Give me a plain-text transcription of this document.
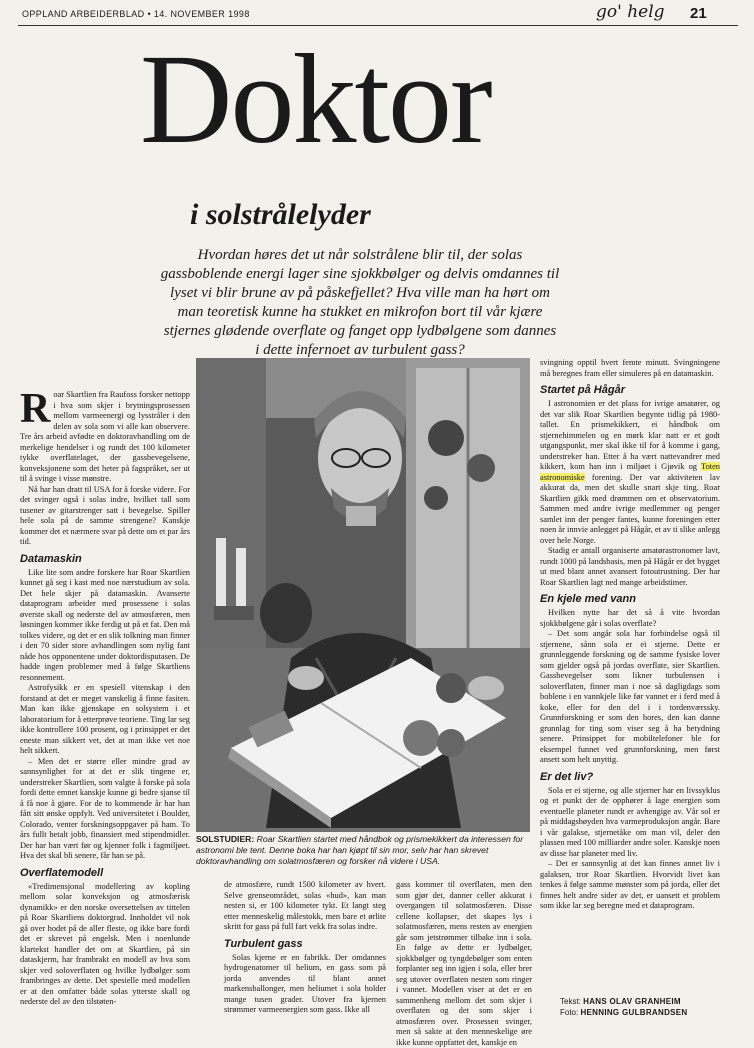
OPPLAND ARBEIDERBLAD • 14. NOVEMBER 1998	go' helg 21
Doktor
i solstrålelyder
Hvordan høres det ut når solstrålene blir til, der solas gassboblende energi lager sine sjokkbølger og delvis omdannes til lyset vi blir brune av på påskefjellet? Hva ville man ha hørt om man teoretisk kunne ha stukket en mikrofon bort til vår kjære stjernes glødende overflate og fanget opp lydbølgene som dannes i dette infernoet av turbulent gass?
SOLSTUDIER: Roar Skartlien startet med håndbok og prismekikkert da interessen for astronomi ble tent. Denne boka har han kjøpt til sin mor, selv har han skrevet doktoravhandling om solatmosfæren og forsker nå videre i USA.

Roar Skartlien fra Raufoss forsker nettopp i hva som skjer i brytningsprosessen mellom varmeenergi og lysstråler i den delen av sola som vi alle kan observere. Tre års arbeid avfødte en doktoravhandling om de merkelige hendelser i og rundt det 100 kilometer tykke overflatelaget, der gassbevegelsene, konveksjonene som det heter på fagspråket, ser ut til å svinge i visse mønstre.

Nå har han dratt til USA for å forske videre. For det svinger også i solas indre, hvilket tall som tusener av gitarstrenger satt i bevegelse. Spiller hele sola på de samme strengene? Kanskje kommer det et nærmere svar på dette om et par års tid.

Datamaskin

Like lite som andre forskere har Roar Skartlien kunnet gå seg i kast med noe nærstudium av sola. Det hele skjer på datamaskin. Avanserte dataprogram arbeider med prosessene i solas øverste skall og nederste del av atmosfæren, men løsningen kommer ikke ferdig ut på et fat. Den må tolkes videre, og det er en slik tolkning man finner i den 70 sider store avhandlingen som nylig fant nåde hos opponentene under doktordisputasen. De hadde ingen problemer med å følge Skartliens resonnement.

Astrofysikk er en spesiell vitenskap i den forstand at det er meget vanskelig å finne fasiten. Man kan ikke gjenskape en solsystem i et laboratorium for å etterprøve teoriene. Ting lar seg ikke kontrollere 100 prosent, og i prinsippet er det eneste man sikkert vet, det at man ikke vet noe helt sikkert.

– Men det er større eller mindre grad av sannsynlighet for at det er slik tingene er, understreker Skartlien, som valgte å forske på sola fordi dette emnet kanskje kunne gi bedre sjanse til å få noe å gjøre. For de to kommende år har han fått sitt ønske oppfylt. Ved universitetet i Boulder, Colorado, venter forskningsoppgaver på ham. To års fullt betalt jobb, finansiert med stipendmidler. Der har han vært før og kjenner folk i fagmiljøet. Hva det skal bli senere, får han se på.

Overflatemodell

«Tredimensjonal modellering av kopling mellom solar konveksjon og atmosfærisk dynamikk» er den norske oversettelsen av tittelen på Roar Skartliens doktorgrad. Innholdet vil nok gå over hodet på de aller fleste, og ikke bare fordi det er skrevet på engelsk. Men i noenlunde klartekst handler det om at Skartlien, på sin dataskjerm, har frambrakt en modell av hva som skjer ved soloverflaten og hvilke lydbølger som frambringes av dette. Det spesielle med modellen er at den omfatter både solas ytterste skall og nederste del av den tilstøten-

de atmosfære, rundt 1500 kilometer av hvert. Selve grenseområdet, solas «hud», kan man nesten si, er 100 kilometer tykt. Et langt steg etter menneskelig målestokk, men bare et ørlite skritt for gass på full fart vekk fra solas indre.

Turbulent gass

Solas kjerne er en fabrikk. Der omdannes hydrogenatomer til helium, en gass som på jorda anvendes til blant annet markensballonger, men heliumet i sola holder mange tusen grader. Utover fra kjernen strømmer varmeenergien som gass. Ikke all

gass kommer til overflaten, men den som gjør det, danner celler akkurat i overgangen til solatmosfæren. Disse cellene kollapser, det skapes lys i solatmosfæren, mens resten av energien går som jetstrømmer tilbake inn i sola. En følge av dette er lydbølger, sjokkbølger og tyngdebølger som enten forplanter seg inn igjen i sola, eller brer seg utover overflaten nesten som ringer i vannet. Modellen viser at det er en sammenheng mellom det som skjer i overflaten og det som skjer i atmosfæren over. Prosessen svinger, men så sakte at den menneskelige øre ikke kunne oppfattet det, kanskje en

svingning opptil hvert femte minutt. Svingningene må beregnes fram eller simuleres på en datamaskin.

Startet på Hågår

I astronomien er det plass for ivrige amatører, og det var slik Roar Skartlien begynte tidlig på 1980-tallet. En prismekikkert, ei håndbok om stjernehimmelen og en mørk klar natt er et godt utgangspunkt, mer skal ikke til for å komme i gang, understreker han. Etter å ha vært nattevandrer med kikkert, kom han inn i miljøet i Gjøvik og Toten astronomiske forening. Der var aktiviteten lav akkurat da, men det skulle snart skje ting. Roar Skartlien gikk med drømmen om et observatorium. Sammen med andre ivrige medlemmer og penger samlet inn der penger fantes, kunne foreningen etter noen år innvie anlegget på Hågår, et av ti slike anlegg over hele Norge.

Stadig er antall organiserte amatørastronomer lavt, rundt 1000 på landsbasis, men på Hågår er det bygget ut med blant annet avansert fotoutrustning. Der har Roar Skartlien lagt ned mange arbeidstimer.

En kjele med vann

Hvilken nytte har det så å vite hvordan sjokkbølgene går i solas overflate?

– Det som angår sola har forbindelse også til stjernene, sånn sola er ei stjerne. Dette er grunnleggende forskning og de samme fysiske lover som gjelder også på jordas overflate, sier Skartlien. Gassbevegelser som likner turbulensen i soloverflaten, finner man i noe så dagligdags som boblene i en vannkjele like før vannet er i ferd med å koke, eller for den del i i tordenværssky. Grunnforskning er som den hores, den kan danne grunnlag for ting som viser seg å ha betydning senere. Prinsippet for mobiltelefoner ble for eksempel funnet ved grunnforskning, men først ansett som helt unyttig.

Er det liv?

Sola er ei stjerne, og alle stjerner har en livssyklus og et punkt der de opphører å lage energien som eventuelle planeter rundt er avhengige av. Vår sol er på middagshøyden hva varmeproduksjon angår. Bare i vår galakse, stjernetåke om man vil, deler den plassen med 100 milliarder andre soler. Kanskje noen av disse har planeter med liv.

– Det er sannsynlig at det kan finnes annet liv i galaksen, tror Roar Skartlien. Hvorvidt livet kan tenkes å følge samme mønster som på jorda, eller det finnes helt andre sider av det, er uansett et problem som ikke lar seg beregne med et dataprogram.

Tekst: HANS OLAV GRANHEIM
Foto: HENNING GULBRANDSEN
